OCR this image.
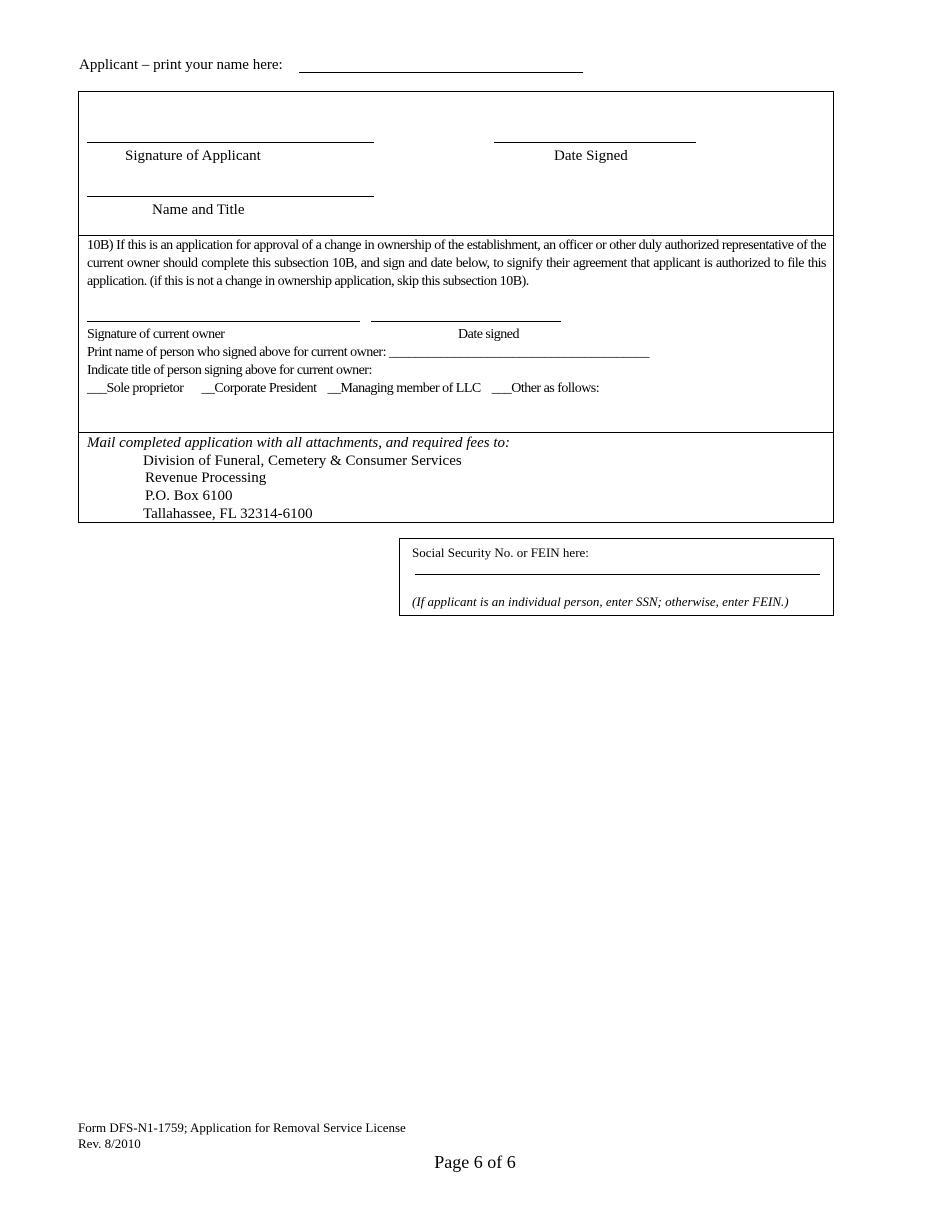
Applicant – print your name here:
Signature of Applicant	Date Signed
Name and Title
10B) If this is an application for approval of a change in ownership of the establishment, an officer or other duly authorized representative of the current owner should complete this subsection 10B, and sign and date below, to signify their agreement that applicant is authorized to file this application. (if this is not a change in ownership application, skip this subsection 10B).
Signature of current owner	Date signed
Print name of person who signed above for current owner: ________________________________________
Indicate title of person signing above for current owner:
___Sole proprietor __Corporate President __Managing member of LLC ___Other as follows:
Mail completed application with all attachments, and required fees to:
Division of Funeral, Cemetery & Consumer Services
Revenue Processing
P.O. Box 6100
Tallahassee, FL 32314-6100
Social Security No. or FEIN here:
(If applicant is an individual person, enter SSN; otherwise, enter FEIN.)
Form DFS-N1-1759; Application for Removal Service License
Rev. 8/2010
Page 6 of 6
